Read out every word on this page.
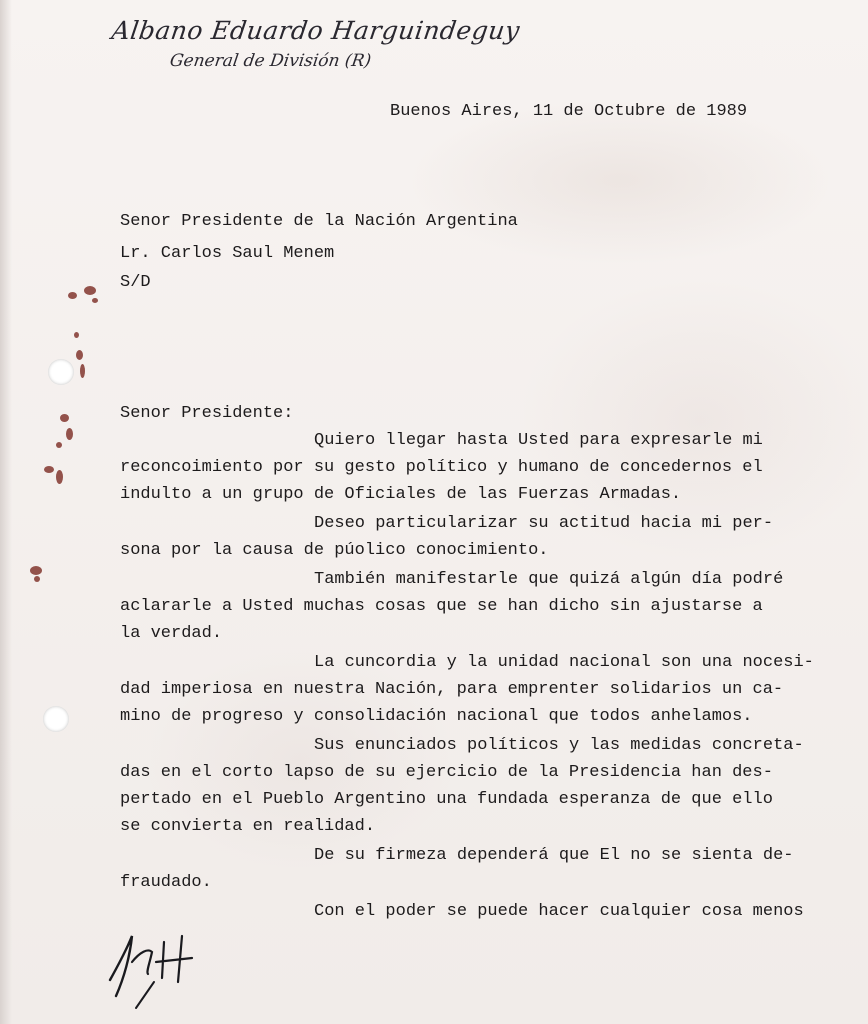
Albano Eduardo Harguindeguy
General de División (R)
Buenos Aires, 11 de Octubre de 1989
Senor Presidente de la Nación Argentina
Lr. Carlos Saul Menem
S/D
Senor Presidente:
Quiero llegar hasta Usted para expresarle mi
reconcoimiento por su gesto político y humano de concedernos el
indulto a un grupo de Oficiales de las Fuerzas Armadas.
Deseo particularizar su actitud hacia mi per-
sona por la causa de púolico conocimiento.
También manifestarle que quizá algún día podré
aclararle a Usted muchas cosas que se han dicho sin ajustarse a
la verdad.
La cuncordia y la unidad nacional son una nocesi-
dad imperiosa en nuestra Nación, para emprenter solidarios un ca-
mino de progreso y consolidación nacional que todos anhelamos.
Sus enunciados políticos y las medidas concreta-
das en el corto lapso de su ejercicio de la Presidencia han des-
pertado en el Pueblo Argentino una fundada esperanza de que ello
se convierta en realidad.
De su firmeza dependerá que El no se sienta de-
fraudado.
Con el poder se puede hacer cualquier cosa menos
